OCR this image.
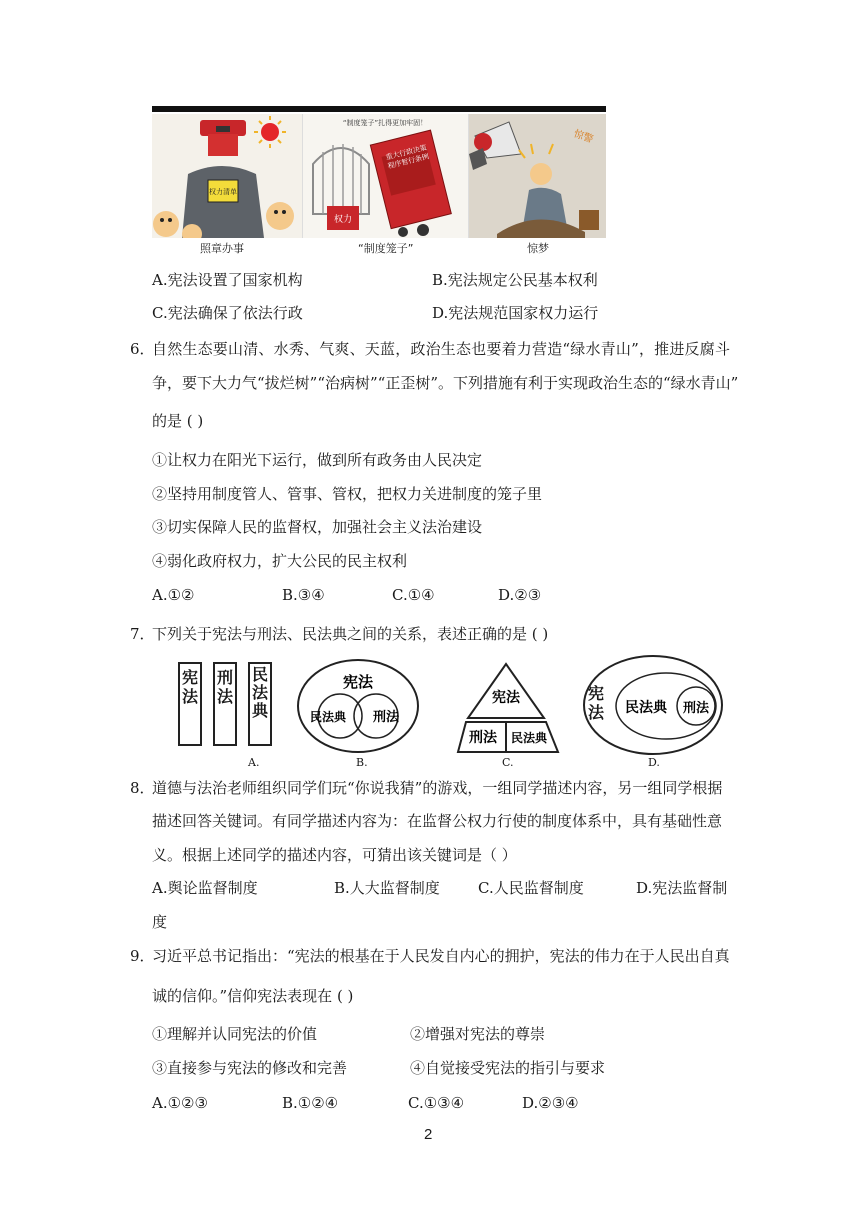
权力清单
照章办事
“制度笼子”扎得更加牢固！
权力
重大行政决策程序暂行条例
“制度笼子”
惊警
惊梦
A.宪法设置了国家机构	B.宪法规定公民基本权利
C.宪法确保了依法行政	D.宪法规范国家权力运行
6．
自然生态要山清、水秀、气爽、天蓝，政治生态也要着力营造“绿水青山”，推进反腐斗
争，要下大力气“拔烂树”“治病树”“正歪树”。下列措施有利于实现政治生态的“绿水青山”
的是 ( )
①让权力在阳光下运行，做到所有政务由人民决定
②坚持用制度管人、管事、管权，把权力关进制度的笼子里
③切实保障人民的监督权，加强社会主义法治建设
④弱化政府权力，扩大公民的民主权利
A.①②	B.③④	C.①④	D.②③
7．
下列关于宪法与刑法、民法典之间的关系，表述正确的是 ( )
宪法
刑法
民法典
A.
宪法
民法典 刑法
B.
宪法
刑法 民法典
C.
宪法 民法典 刑法
D.
8．
道德与法治老师组织同学们玩“你说我猜”的游戏，一组同学描述内容，另一组同学根据
描述回答关键词。有同学描述内容为：在监督公权力行使的制度体系中，具有基础性意
义。根据上述同学的描述内容，可猜出该关键词是（ ）
A.舆论监督制度	B.人大监督制度	C.人民监督制度	D.宪法监督制
度
9．
习近平总书记指出：“宪法的根基在于人民发自内心的拥护，宪法的伟力在于人民出自真
诚的信仰。”信仰宪法表现在 ( )
①理解并认同宪法的价值	②增强对宪法的尊崇
③直接参与宪法的修改和完善	④自觉接受宪法的指引与要求
A.①②③	B.①②④	C.①③④	D.②③④
2
